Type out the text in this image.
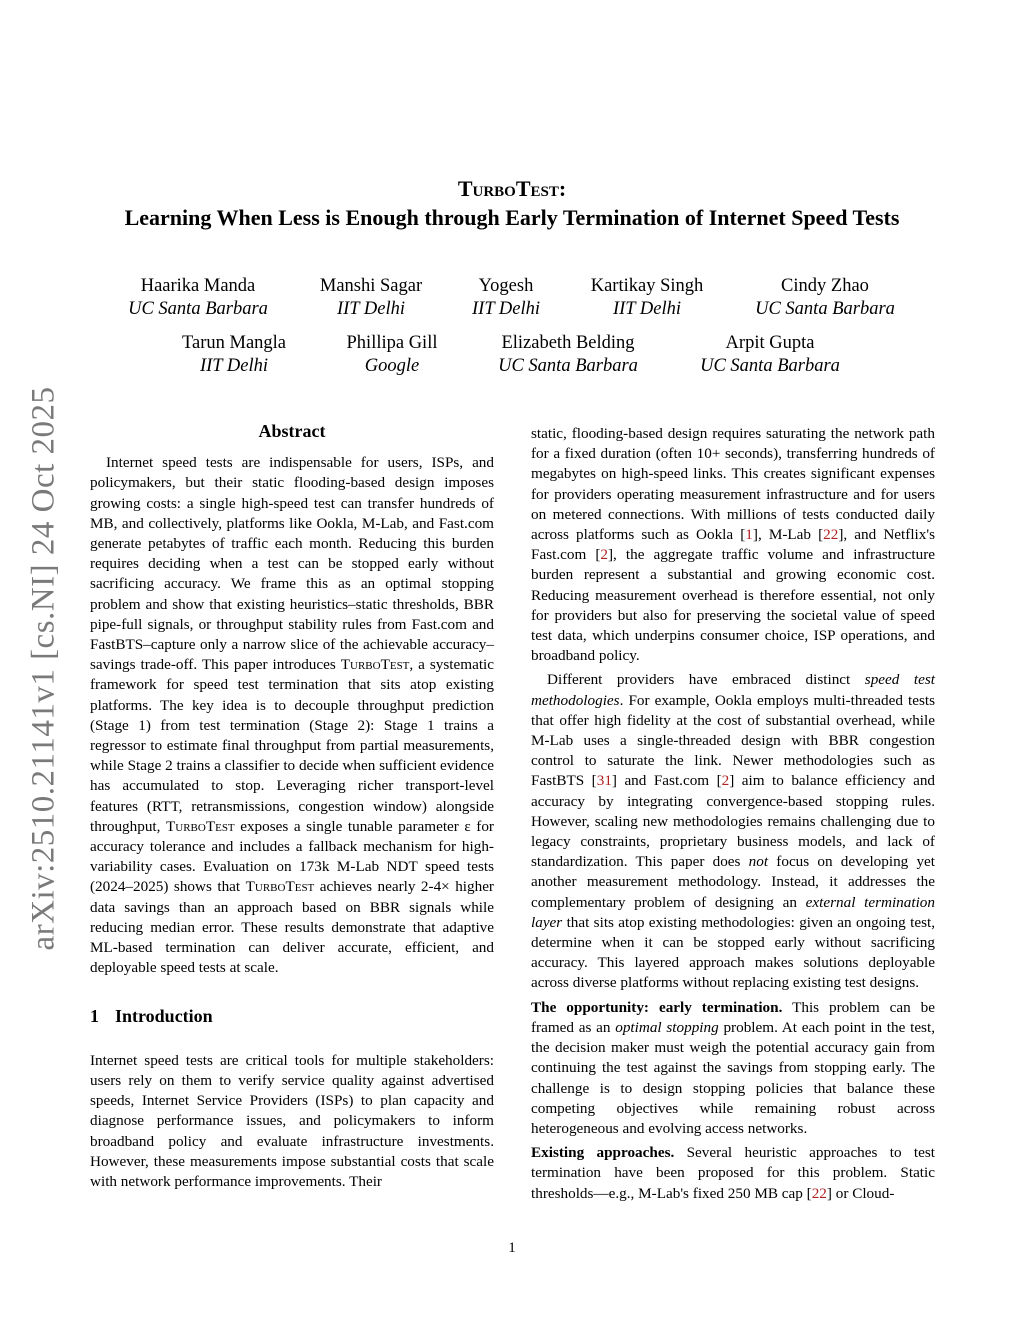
arXiv:2510.21141v1 [cs.NI] 24 Oct 2025

TurboTest:

Learning When Less is Enough through Early Termination of Internet Speed Tests

Haarika Manda
UC Santa Barbara
Manshi Sagar
IIT Delhi
Yogesh
IIT Delhi
Kartikay Singh
IIT Delhi
Cindy Zhao
UC Santa Barbara
Tarun Mangla
IIT Delhi
Phillipa Gill
Google
Elizabeth Belding
UC Santa Barbara
Arpit Gupta
UC Santa Barbara
Abstract

Internet speed tests are indispensable for users, ISPs, and policymakers, but their static flooding-based design imposes growing costs: a single high-speed test can transfer hundreds of MB, and collectively, platforms like Ookla, M-Lab, and Fast.com generate petabytes of traffic each month. Reducing this burden requires deciding when a test can be stopped early without sacrificing accuracy. We frame this as an optimal stopping problem and show that existing heuristics–static thresholds, BBR pipe-full signals, or throughput stability rules from Fast.com and FastBTS–capture only a narrow slice of the achievable accuracy–savings trade-off. This paper introduces TurboTest, a systematic framework for speed test termination that sits atop existing platforms. The key idea is to decouple throughput prediction (Stage 1) from test termination (Stage 2): Stage 1 trains a regressor to estimate final throughput from partial measurements, while Stage 2 trains a classifier to decide when sufficient evidence has accumulated to stop. Leveraging richer transport-level features (RTT, retransmissions, congestion window) alongside throughput, TurboTest exposes a single tunable parameter ε for accuracy tolerance and includes a fallback mechanism for high-variability cases. Evaluation on 173k M-Lab NDT speed tests (2024–2025) shows that TurboTest achieves nearly 2-4× higher data savings than an approach based on BBR signals while reducing median error. These results demonstrate that adaptive ML-based termination can deliver accurate, efficient, and deployable speed tests at scale.

1 Introduction

Internet speed tests are critical tools for multiple stakeholders: users rely on them to verify service quality against advertised speeds, Internet Service Providers (ISPs) to plan capacity and diagnose performance issues, and policymakers to inform broadband policy and evaluate infrastructure investments. However, these measurements impose substantial costs that scale with network performance improvements. Their

static, flooding-based design requires saturating the network path for a fixed duration (often 10+ seconds), transferring hundreds of megabytes on high-speed links. This creates significant expenses for providers operating measurement infrastructure and for users on metered connections. With millions of tests conducted daily across platforms such as Ookla [1], M-Lab [22], and Netflix's Fast.com [2], the aggregate traffic volume and infrastructure burden represent a substantial and growing economic cost. Reducing measurement overhead is therefore essential, not only for providers but also for preserving the societal value of speed test data, which underpins consumer choice, ISP operations, and broadband policy.

Different providers have embraced distinct speed test methodologies. For example, Ookla employs multi-threaded tests that offer high fidelity at the cost of substantial overhead, while M-Lab uses a single-threaded design with BBR congestion control to saturate the link. Newer methodologies such as FastBTS [31] and Fast.com [2] aim to balance efficiency and accuracy by integrating convergence-based stopping rules. However, scaling new methodologies remains challenging due to legacy constraints, proprietary business models, and lack of standardization. This paper does not focus on developing yet another measurement methodology. Instead, it addresses the complementary problem of designing an external termination layer that sits atop existing methodologies: given an ongoing test, determine when it can be stopped early without sacrificing accuracy. This layered approach makes solutions deployable across diverse platforms without replacing existing test designs.

The opportunity: early termination. This problem can be framed as an optimal stopping problem. At each point in the test, the decision maker must weigh the potential accuracy gain from continuing the test against the savings from stopping early. The challenge is to design stopping policies that balance these competing objectives while remaining robust across heterogeneous and evolving access networks.

Existing approaches. Several heuristic approaches to test termination have been proposed for this problem. Static thresholds—e.g., M-Lab's fixed 250 MB cap [22] or Cloud-

1
